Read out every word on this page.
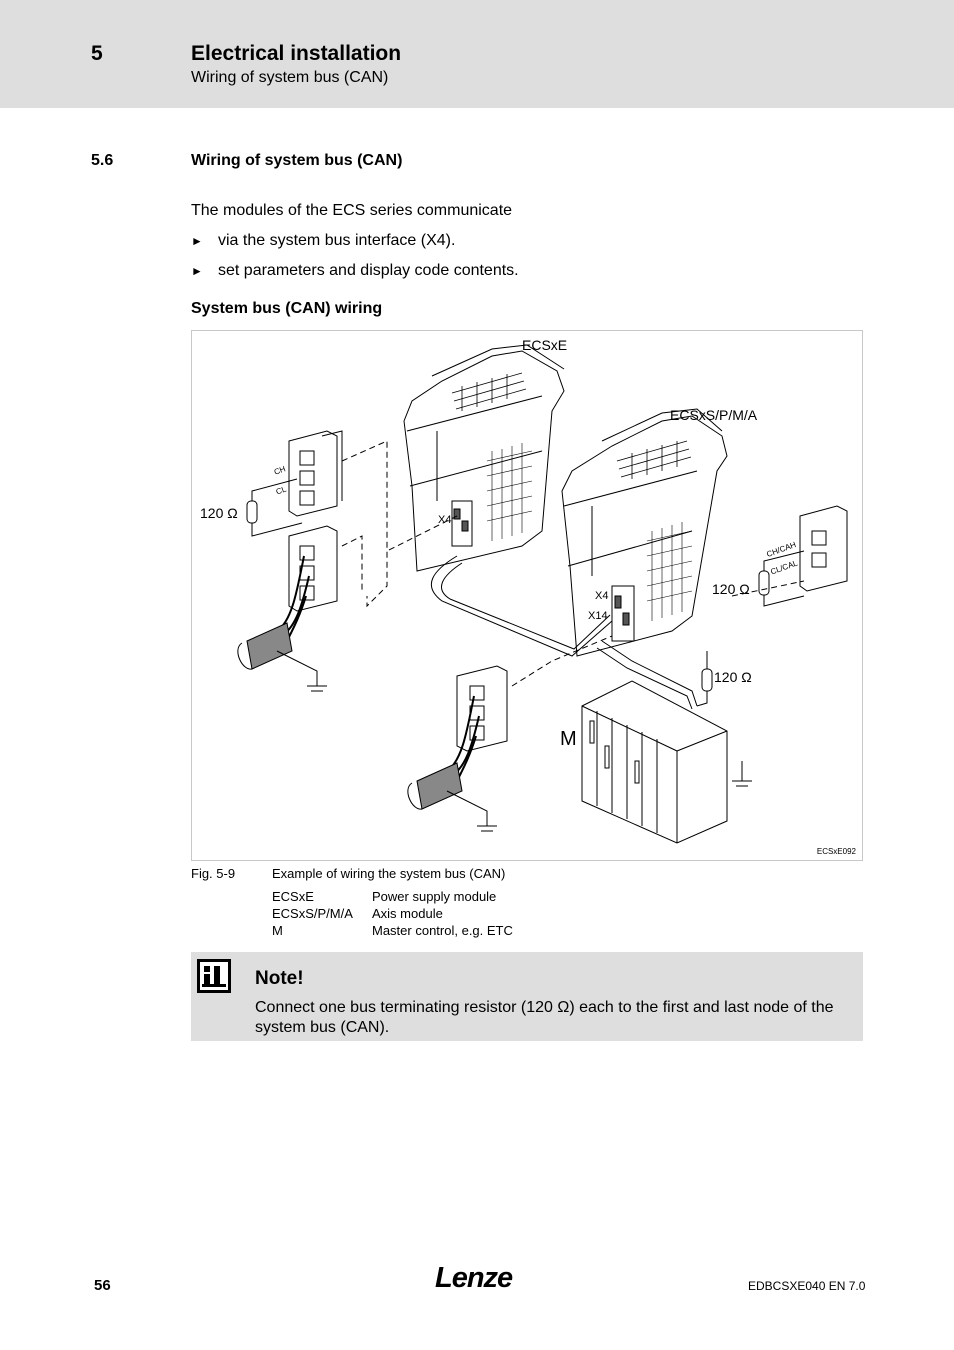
5	Electrical installation
Wiring of system bus (CAN)
5.6	Wiring of system bus (CAN)
The modules of the ECS series communicate
► via the system bus interface (X4).
► set parameters and display code contents.
System bus (CAN) wiring
ECSxE
ECSxS/P/M/A
120 Ω
120 Ω
120 Ω
X4
X4
X14
M
CH
CL
CH/CAH
CL/CAL
ECSxE092
Fig. 5-9	Example of wiring the system bus (CAN)
ECSxE	Power supply module
ECSxS/P/M/A Axis module
M	Master control, e.g. ETC
Note!
Connect one bus terminating resistor (120 Ω) each to the first and last node of the system bus (CAN).
56	Lenze	EDBCSXE040 EN 7.0
